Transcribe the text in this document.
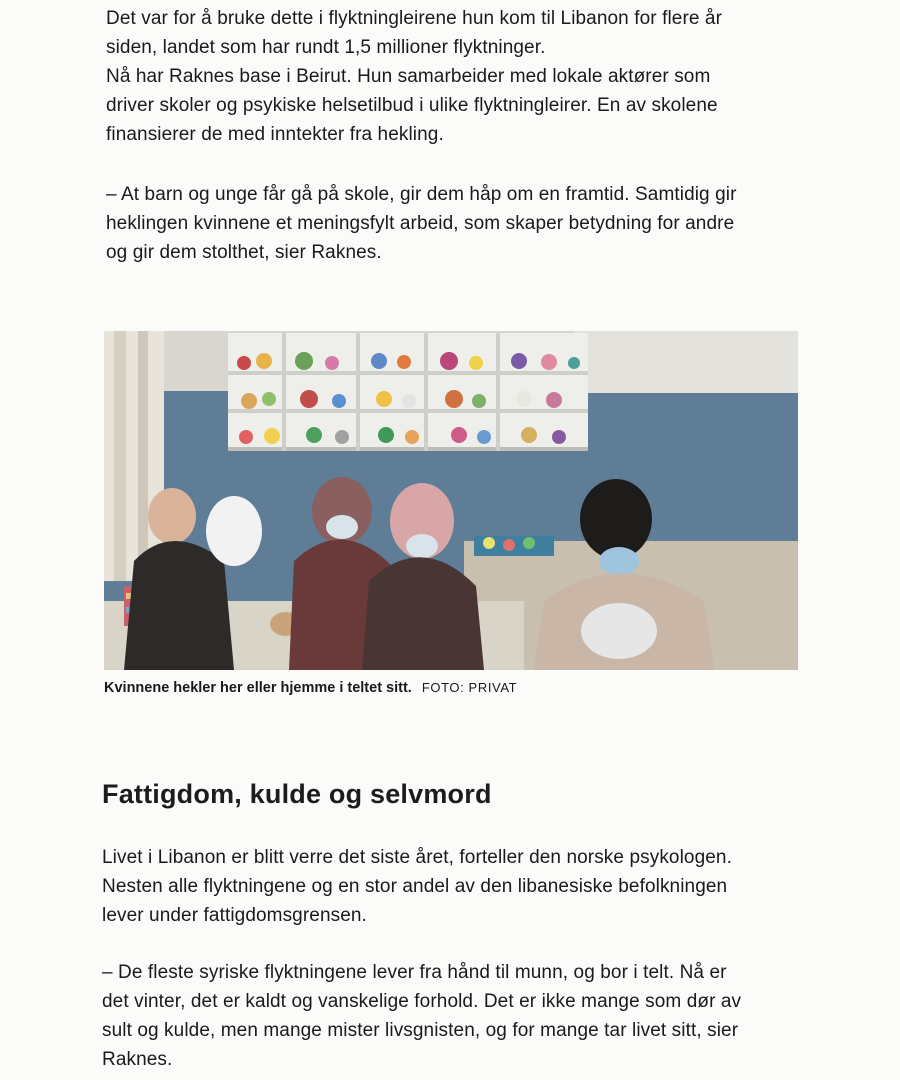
Det var for å bruke dette i flyktningleirene hun kom til Libanon for flere år
siden, landet som har rundt 1,5 millioner flyktninger.
Nå har Raknes base i Beirut. Hun samarbeider med lokale aktører som
driver skoler og psykiske helsetilbud i ulike flyktningleirer. En av skolene
finansierer de med inntekter fra hekling.

– At barn og unge får gå på skole, gir dem håp om en framtid. Samtidig gir
heklingen kvinnene et meningsfylt arbeid, som skaper betydning for andre
og gir dem stolthet, sier Raknes.

Kvinnene hekler her eller hjemme i teltet sitt. FOTO: PRIVAT
Fattigdom, kulde og selvmord

Livet i Libanon er blitt verre det siste året, forteller den norske psykologen.
Nesten alle flyktningene og en stor andel av den libanesiske befolkningen
lever under fattigdomsgrensen.

– De fleste syriske flyktningene lever fra hånd til munn, og bor i telt. Nå er
det vinter, det er kaldt og vanskelige forhold. Det er ikke mange som dør av
sult og kulde, men mange mister livsgnisten, og for mange tar livet sitt, sier
Raknes.
